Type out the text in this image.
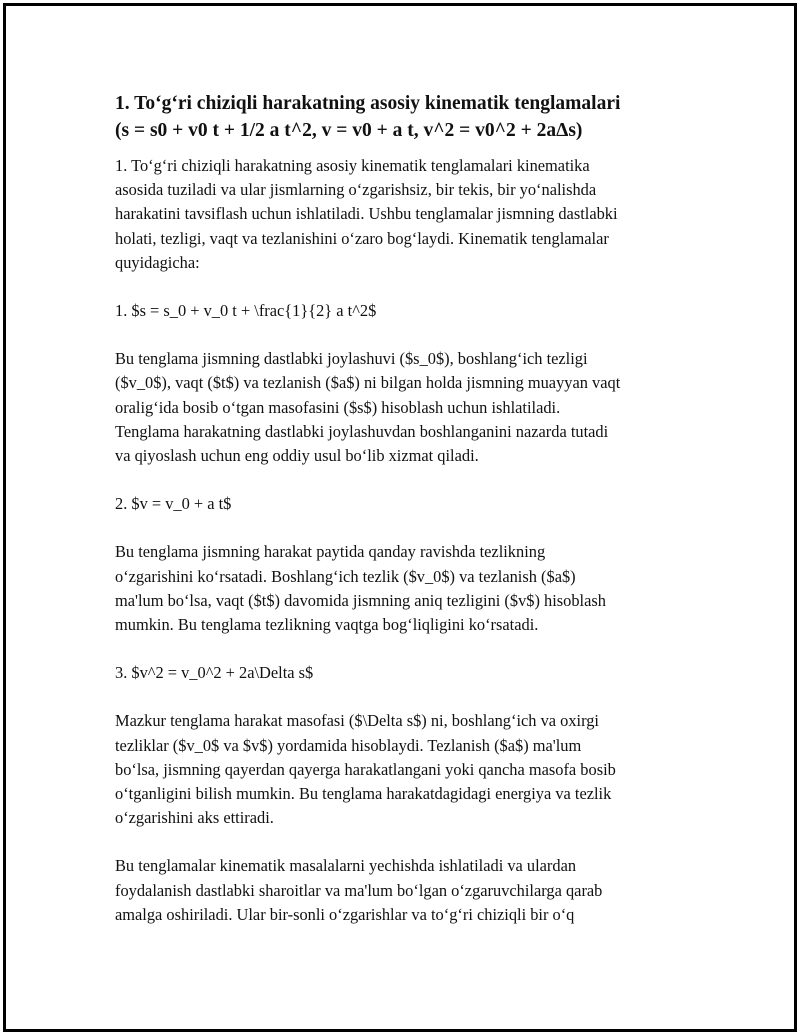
1. To‘g‘ri chiziqli harakatning asosiy kinematik tenglamalari
(s = s0 + v0 t + 1/2 a t^2, v = v0 + a t, v^2 = v0^2 + 2aΔs)

1. To‘g‘ri chiziqli harakatning asosiy kinematik tenglamalari kinematika
asosida tuziladi va ular jismlarning o‘zgarishsiz, bir tekis, bir yo‘nalishda
harakatini tavsiflash uchun ishlatiladi. Ushbu tenglamalar jismning dastlabki
holati, tezligi, vaqt va tezlanishini o‘zaro bog‘laydi. Kinematik tenglamalar
quyidagicha:

1. $s = s_0 + v_0 t + \frac{1}{2} a t^2$

Bu tenglama jismning dastlabki joylashuvi ($s_0$), boshlang‘ich tezligi
($v_0$), vaqt ($t$) va tezlanish ($a$) ni bilgan holda jismning muayyan vaqt
oralig‘ida bosib o‘tgan masofasini ($s$) hisoblash uchun ishlatiladi.
Tenglama harakatning dastlabki joylashuvdan boshlanganini nazarda tutadi
va qiyoslash uchun eng oddiy usul bo‘lib xizmat qiladi.

2. $v = v_0 + a t$

Bu tenglama jismning harakat paytida qanday ravishda tezlikning
o‘zgarishini ko‘rsatadi. Boshlang‘ich tezlik ($v_0$) va tezlanish ($a$)
ma'lum bo‘lsa, vaqt ($t$) davomida jismning aniq tezligini ($v$) hisoblash
mumkin. Bu tenglama tezlikning vaqtga bog‘liqligini ko‘rsatadi.

3. $v^2 = v_0^2 + 2a\Delta s$

Mazkur tenglama harakat masofasi ($\Delta s$) ni, boshlang‘ich va oxirgi
tezliklar ($v_0$ va $v$) yordamida hisoblaydi. Tezlanish ($a$) ma'lum
bo‘lsa, jismning qayerdan qayerga harakatlangani yoki qancha masofa bosib
o‘tganligini bilish mumkin. Bu tenglama harakatdagidagi energiya va tezlik
o‘zgarishini aks ettiradi.

Bu tenglamalar kinematik masalalarni yechishda ishlatiladi va ulardan
foydalanish dastlabki sharoitlar va ma'lum bo‘lgan o‘zgaruvchilarga qarab
amalga oshiriladi. Ular bir-sonli o‘zgarishlar va to‘g‘ri chiziqli bir o‘q
